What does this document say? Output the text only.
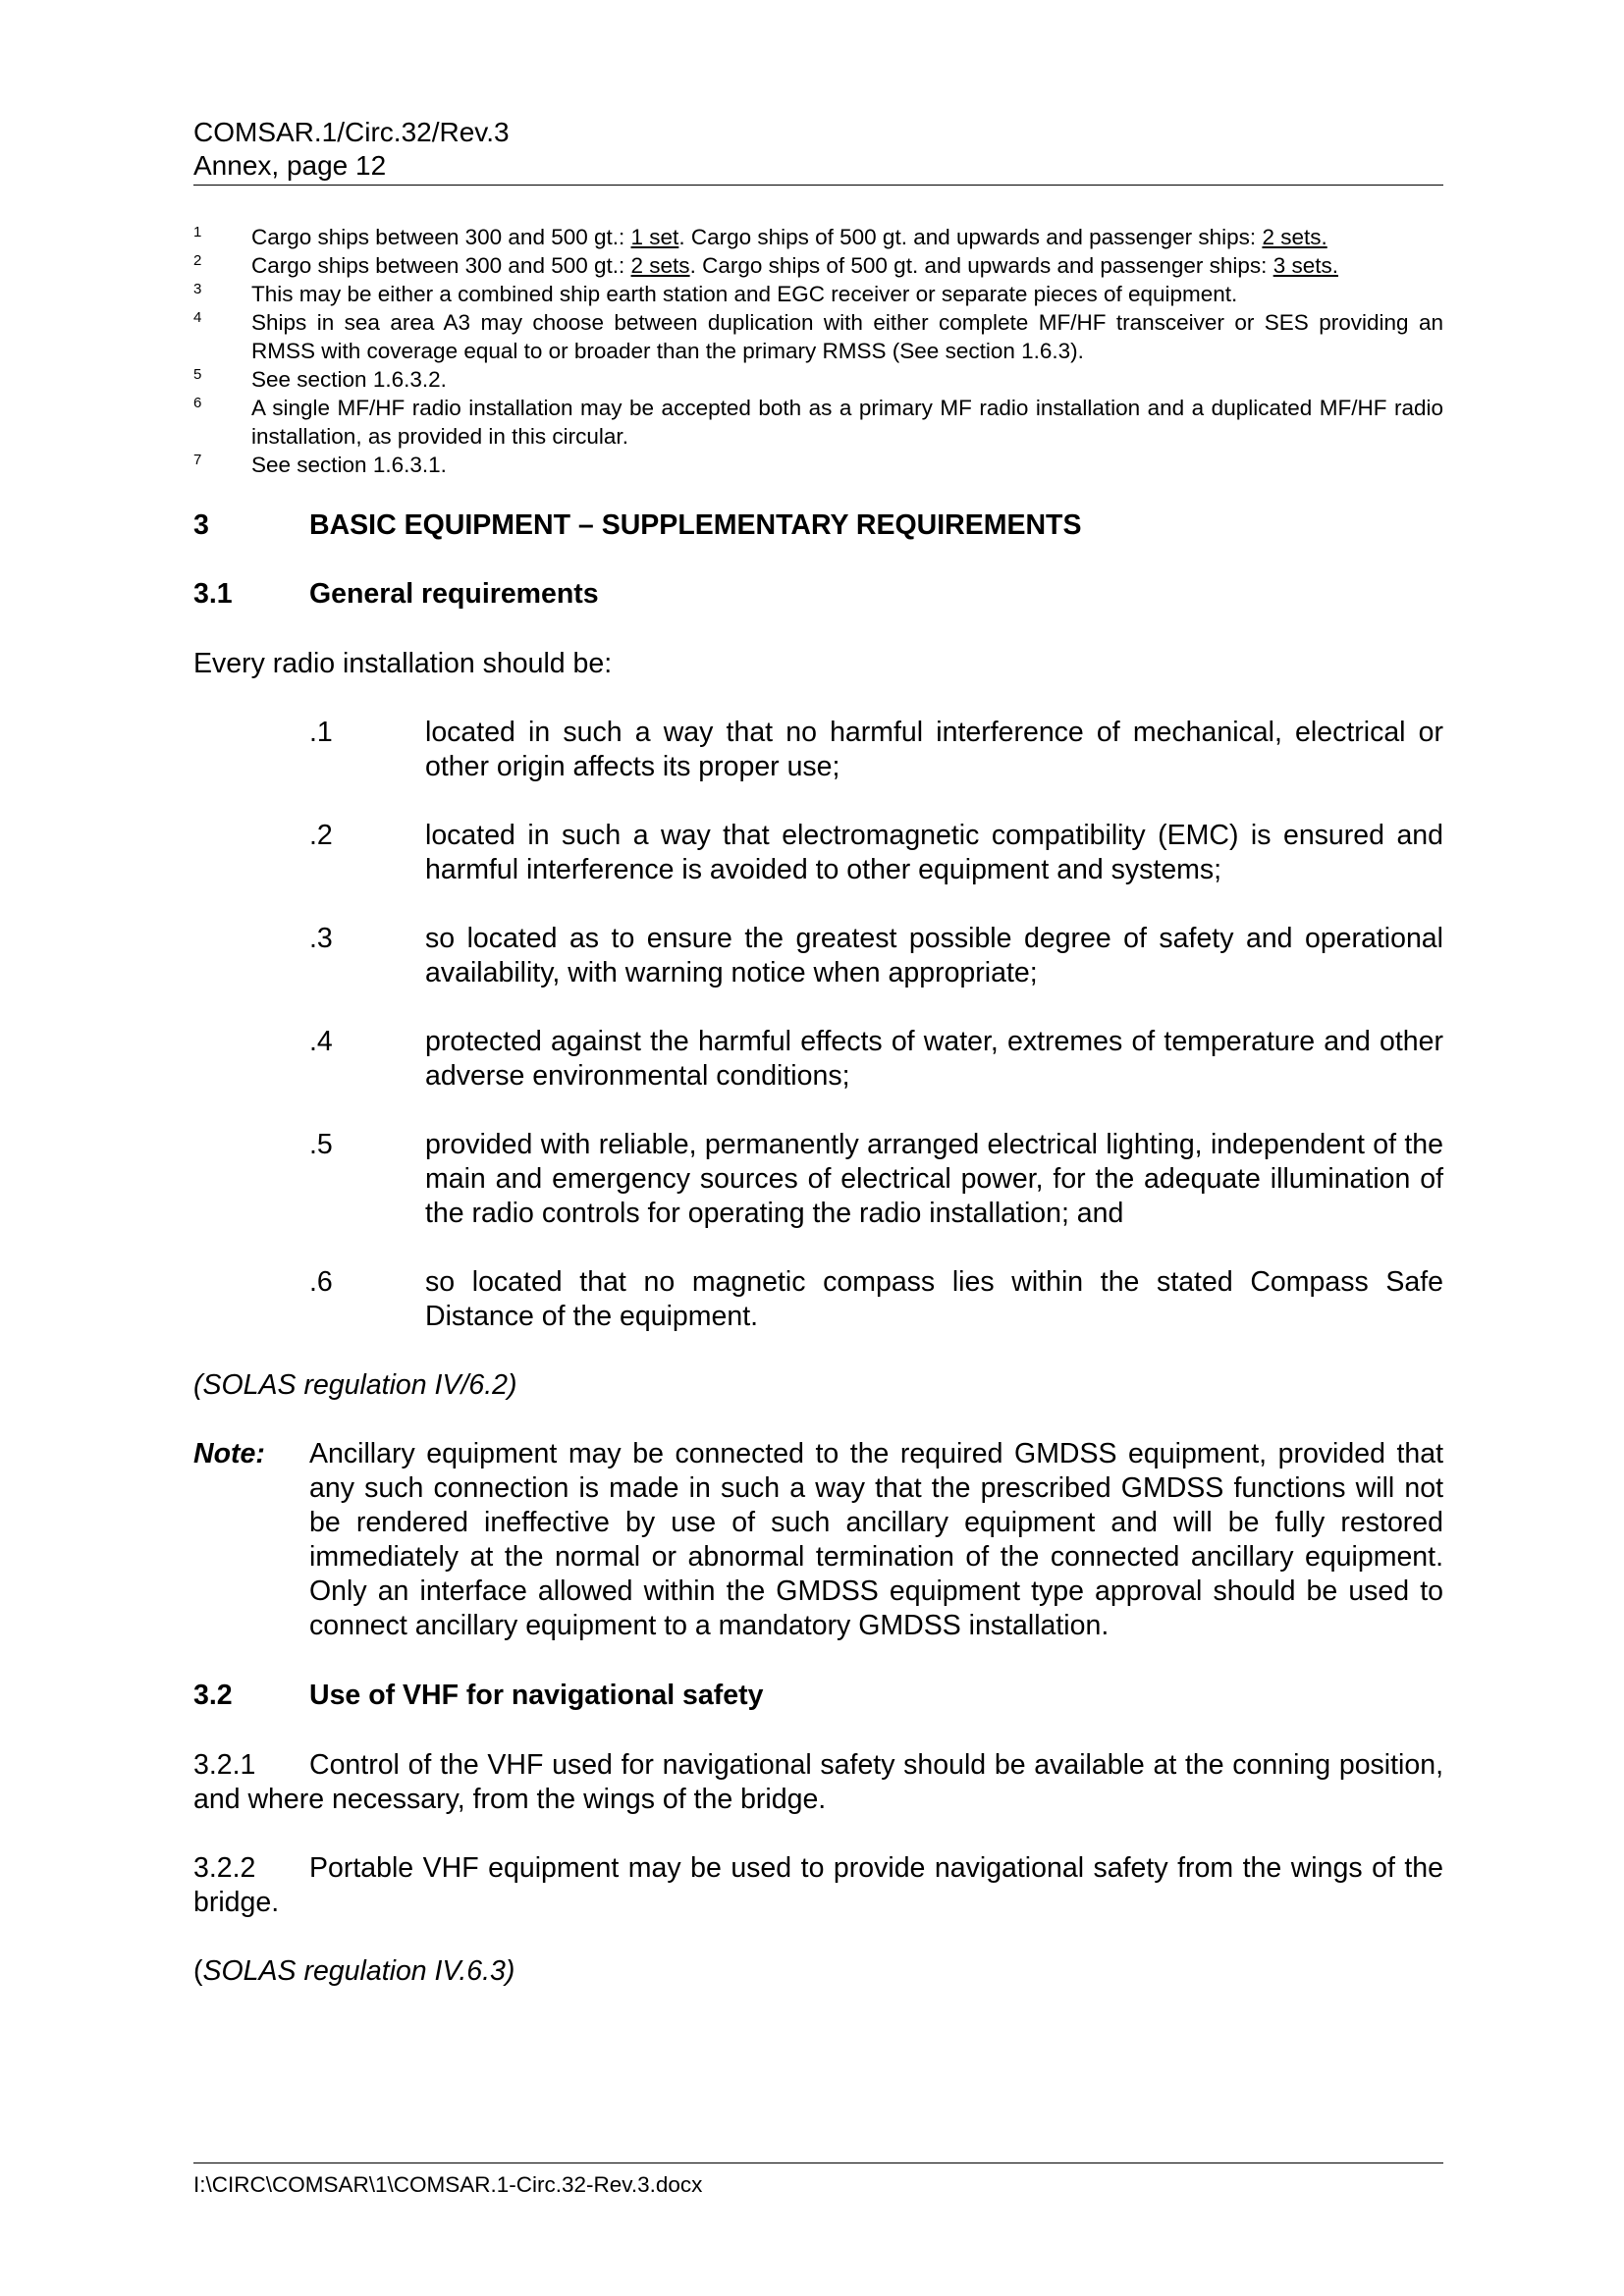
COMSAR.1/Circ.32/Rev.3
Annex, page 12
1	Cargo ships between 300 and 500 gt.: 1 set. Cargo ships of 500 gt. and upwards and passenger ships: 2 sets.
2	Cargo ships between 300 and 500 gt.: 2 sets. Cargo ships of 500 gt. and upwards and passenger ships: 3 sets.
3	This may be either a combined ship earth station and EGC receiver or separate pieces of equipment.
4	Ships in sea area A3 may choose between duplication with either complete MF/HF transceiver or SES providing an RMSS with coverage equal to or broader than the primary RMSS (See section 1.6.3).
5	See section 1.6.3.2.
6	A single MF/HF radio installation may be accepted both as a primary MF radio installation and a duplicated MF/HF radio installation, as provided in this circular.
7	See section 1.6.3.1.
3	BASIC EQUIPMENT – SUPPLEMENTARY REQUIREMENTS
3.1	General requirements

Every radio installation should be:

.1	located in such a way that no harmful interference of mechanical, electrical or other origin affects its proper use;
.2	located in such a way that electromagnetic compatibility (EMC) is ensured and harmful interference is avoided to other equipment and systems;
.3	so located as to ensure the greatest possible degree of safety and operational availability, with warning notice when appropriate;
.4	protected against the harmful effects of water, extremes of temperature and other adverse environmental conditions;
.5	provided with reliable, permanently arranged electrical lighting, independent of the main and emergency sources of electrical power, for the adequate illumination of the radio controls for operating the radio installation; and
.6	so located that no magnetic compass lies within the stated Compass Safe Distance of the equipment.

(SOLAS regulation IV/6.2)

Note:	Ancillary equipment may be connected to the required GMDSS equipment, provided that any such connection is made in such a way that the prescribed GMDSS functions will not be rendered ineffective by use of such ancillary equipment and will be fully restored immediately at the normal or abnormal termination of the connected ancillary equipment. Only an interface allowed within the GMDSS equipment type approval should be used to connect ancillary equipment to a mandatory GMDSS installation.
3.2	Use of VHF for navigational safety

3.2.1 Control of the VHF used for navigational safety should be available at the conning position, and where necessary, from the wings of the bridge.

3.2.2 Portable VHF equipment may be used to provide navigational safety from the wings of the bridge.

(SOLAS regulation IV.6.3)

I:\CIRC\COMSAR\1\COMSAR.1-Circ.32-Rev.3.docx
